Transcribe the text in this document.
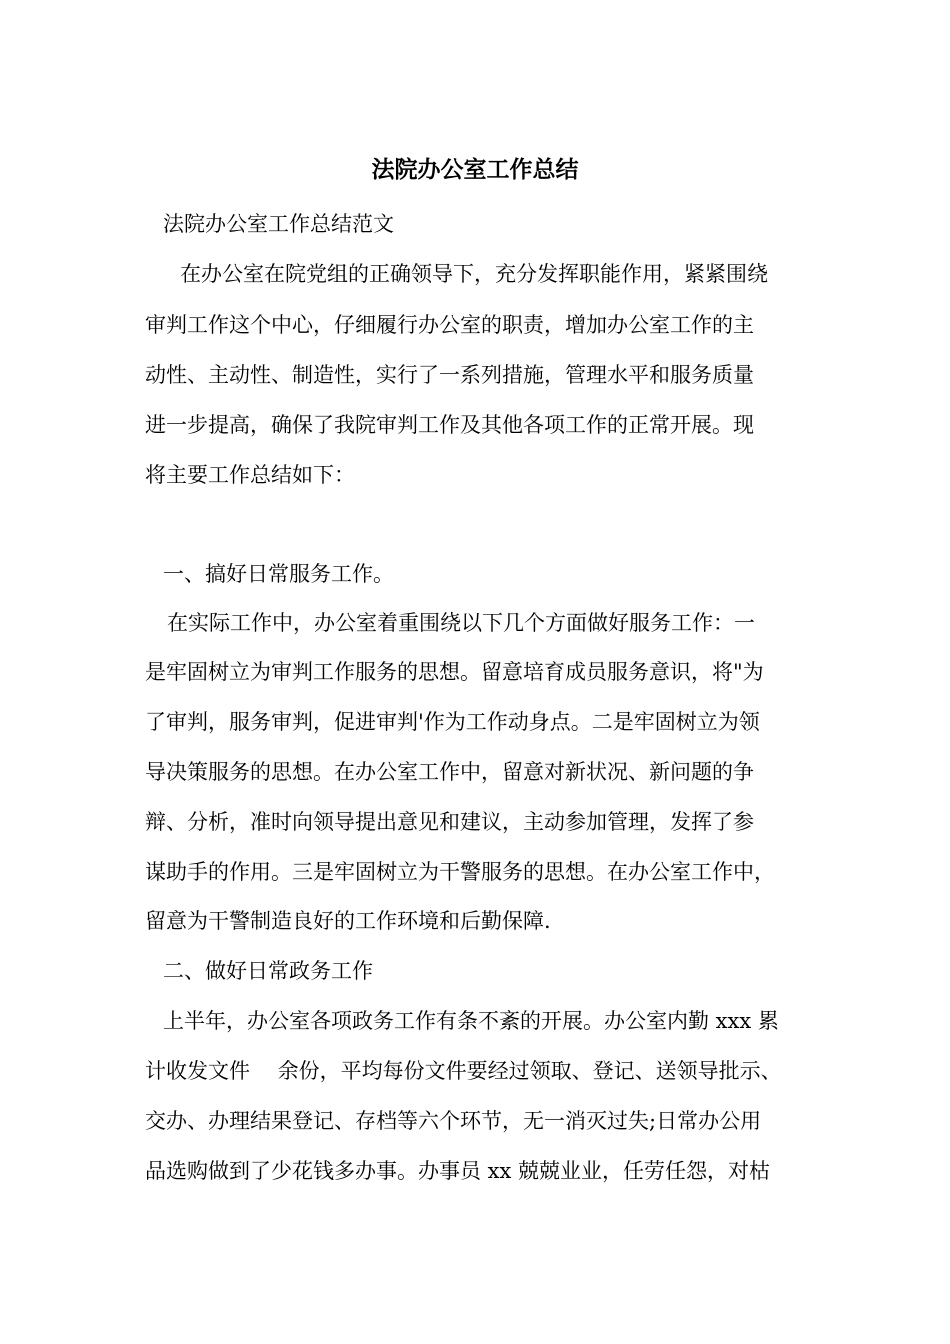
法院办公室工作总结
法院办公室工作总结范文
在办公室在院党组的正确领导下，充分发挥职能作用，紧紧围绕
审判工作这个中心，仔细履行办公室的职责，增加办公室工作的主
动性、主动性、制造性，实行了一系列措施，管理水平和服务质量
进一步提高，确保了我院审判工作及其他各项工作的正常开展。现
将主要工作总结如下：
一、搞好日常服务工作。
在实际工作中，办公室着重围绕以下几个方面做好服务工作：一
是牢固树立为审判工作服务的思想。留意培育成员服务意识，将"为
了审判，服务审判，促进审判'作为工作动身点。二是牢固树立为领
导决策服务的思想。在办公室工作中，留意对新状况、新问题的争
辩、分析，准时向领导提出意见和建议，主动参加管理，发挥了参
谋助手的作用。三是牢固树立为干警服务的思想。在办公室工作中，
留意为干警制造良好的工作环境和后勤保障.
二、做好日常政务工作
上半年，办公室各项政务工作有条不紊的开展。办公室内勤 xxx 累
计收发文件　 余份，平均每份文件要经过领取、登记、送领导批示、
交办、办理结果登记、存档等六个环节，无一消灭过失;日常办公用
品选购做到了少花钱多办事。办事员 xx 兢兢业业，任劳任怨，对枯
